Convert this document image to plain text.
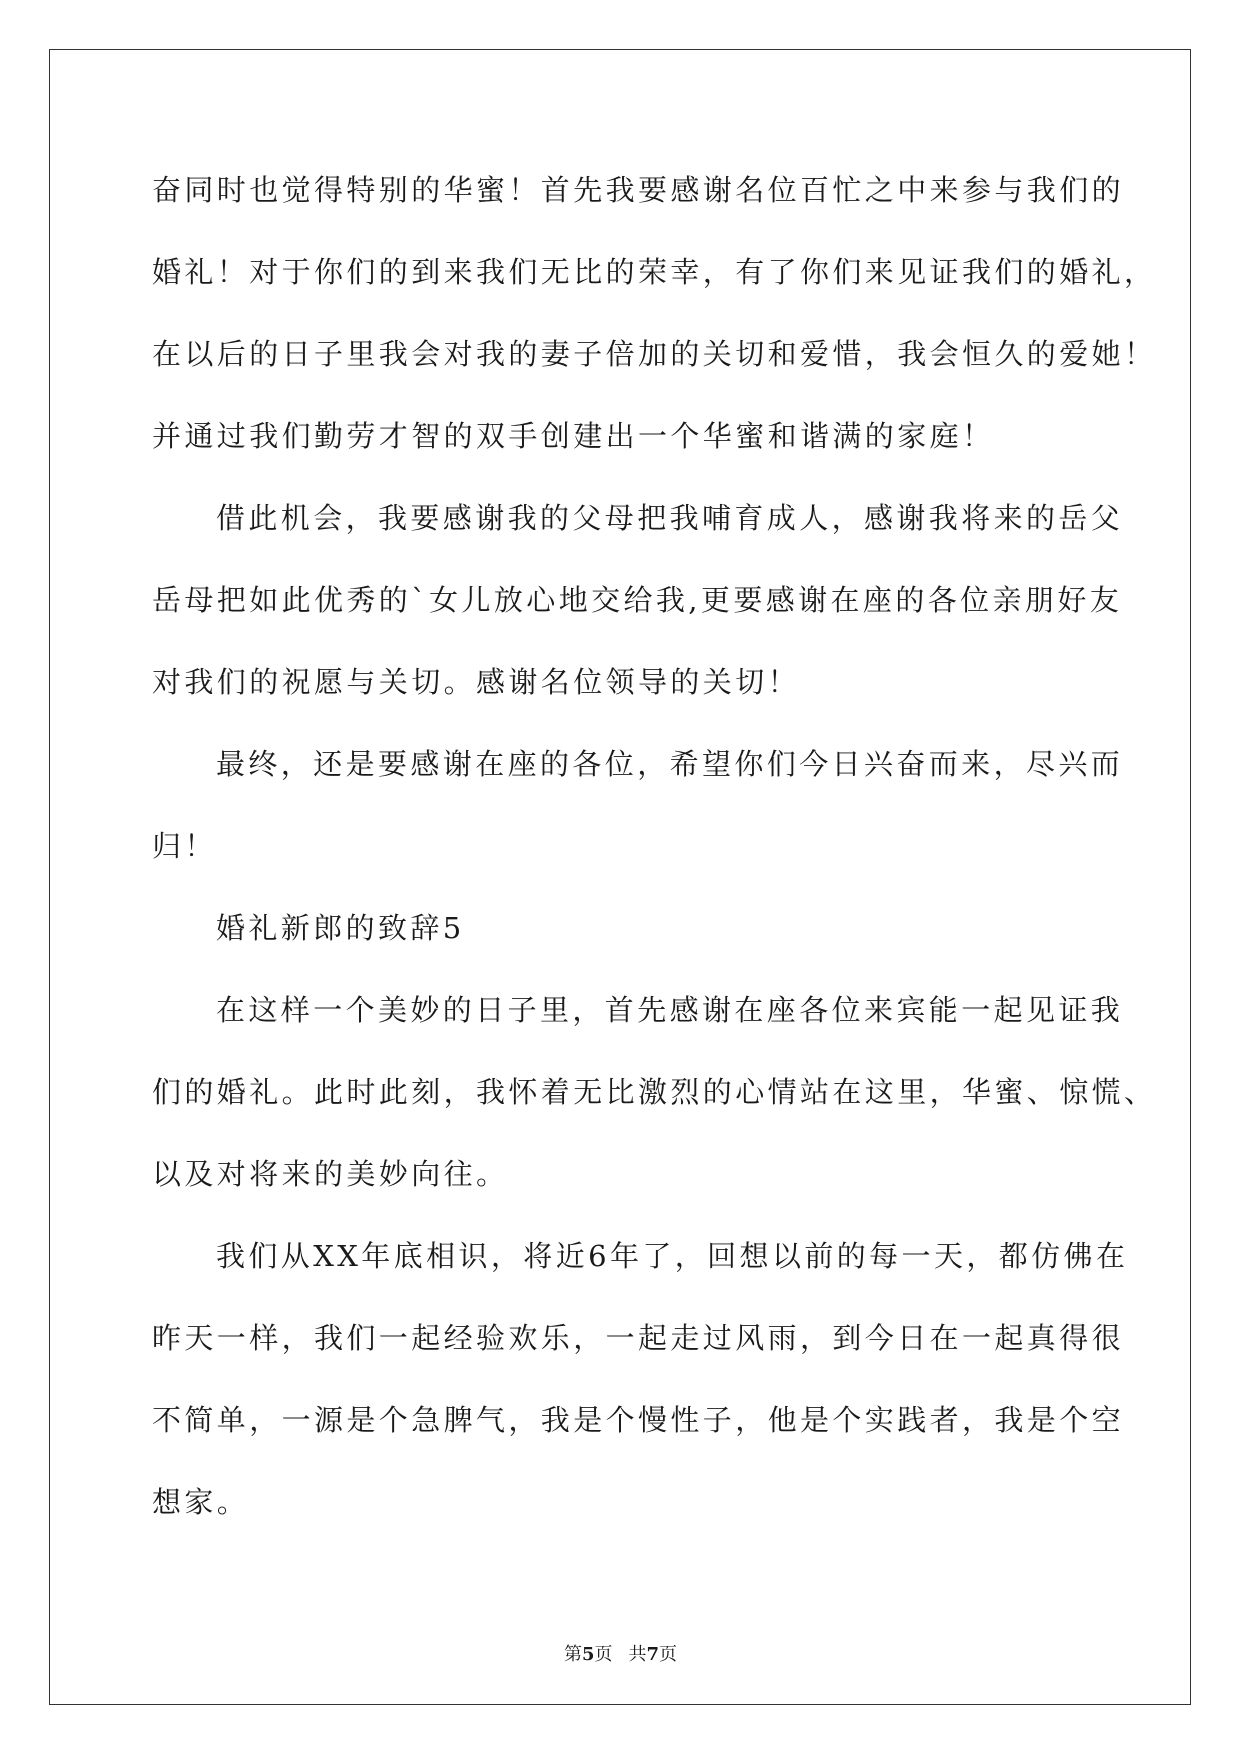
奋同时也觉得特别的华蜜！首先我要感谢名位百忙之中来参与我们的
婚礼！对于你们的到来我们无比的荣幸，有了你们来见证我们的婚礼，
在以后的日子里我会对我的妻子倍加的关切和爱惜，我会恒久的爱她！
并通过我们勤劳才智的双手创建出一个华蜜和谐满的家庭！
借此机会，我要感谢我的父母把我哺育成人，感谢我将来的岳父
岳母把如此优秀的`女儿放心地交给我,更要感谢在座的各位亲朋好友
对我们的祝愿与关切。感谢名位领导的关切！
最终，还是要感谢在座的各位，希望你们今日兴奋而来，尽兴而
归！
婚礼新郎的致辞5
在这样一个美妙的日子里，首先感谢在座各位来宾能一起见证我
们的婚礼。此时此刻，我怀着无比激烈的心情站在这里，华蜜、惊慌、
以及对将来的美妙向往。
我们从XX年底相识，将近6年了，回想以前的每一天，都仿佛在
昨天一样，我们一起经验欢乐，一起走过风雨，到今日在一起真得很
不简单，一源是个急脾气，我是个慢性子，他是个实践者，我是个空
想家。
第5页 共7页
